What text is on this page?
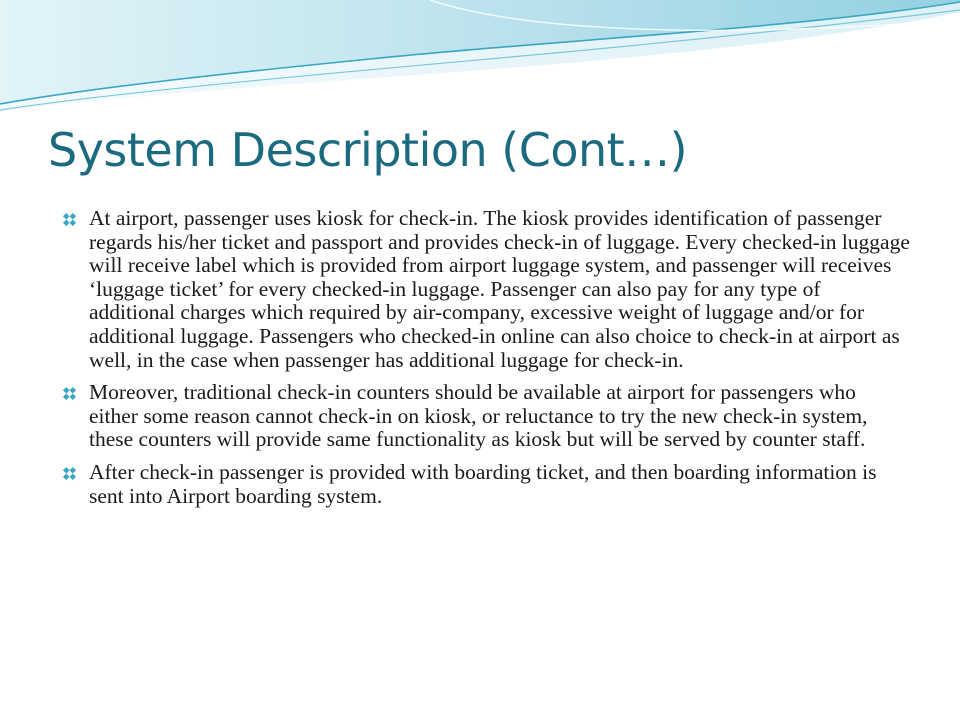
System Description (Cont…)
At airport, passenger uses kiosk for check-in. The kiosk provides identification of passenger regards his/her ticket and passport and provides check-in of luggage. Every checked-in luggage will receive label which is provided from airport luggage system, and passenger will receives ‘luggage ticket’ for every checked-in luggage. Passenger can also pay for any type of additional charges which required by air-company, excessive weight of luggage and/or for additional luggage. Passengers who checked-in online can also choice to check-in at airport as well, in the case when passenger has additional luggage for check-in.
Moreover, traditional check-in counters should be available at airport for passengers who either some reason cannot check-in on kiosk, or reluctance to try the new check-in system, these counters will provide same functionality as kiosk but will be served by counter staff.
After check-in passenger is provided with boarding ticket, and then boarding information is sent into Airport boarding system.
